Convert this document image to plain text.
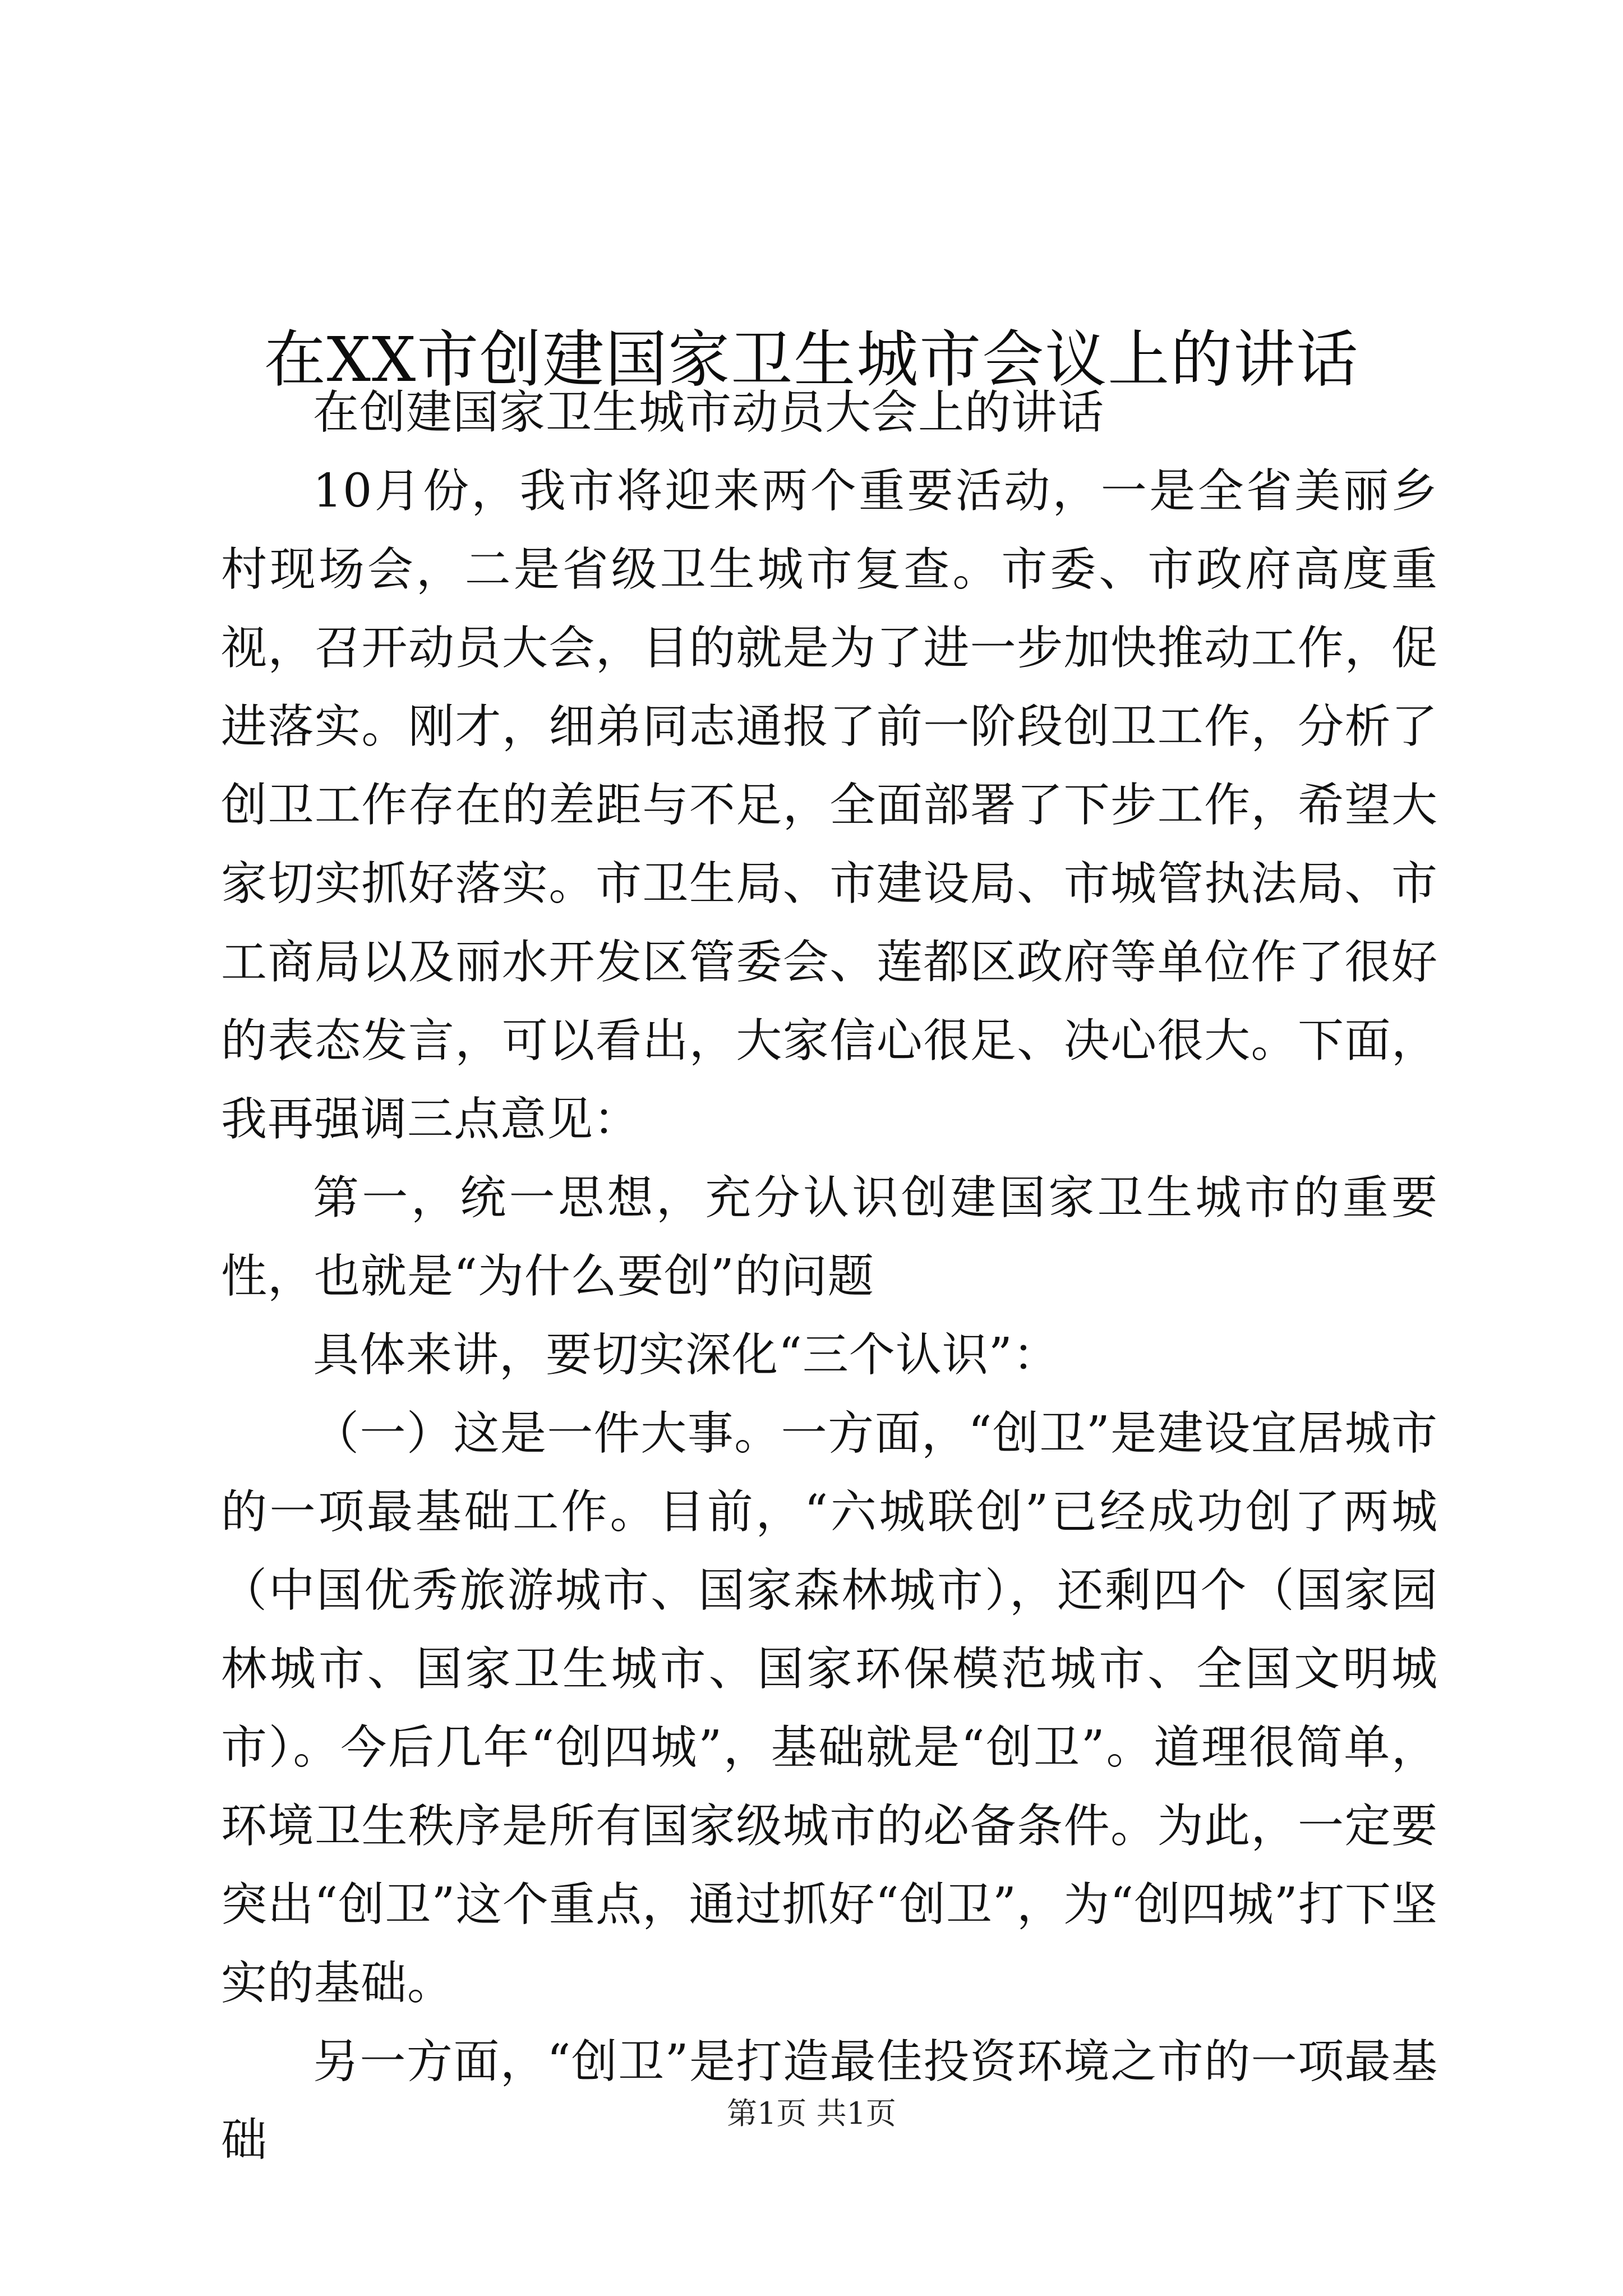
在XX市创建国家卫生城市会议上的讲话

在创建国家卫生城市动员大会上的讲话

10月份，我市将迎来两个重要活动，一是全省美丽乡村现场会，二是省级卫生城市复查。市委、市政府高度重视，召开动员大会，目的就是为了进一步加快推动工作，促进落实。刚才，细弟同志通报了前一阶段创卫工作，分析了创卫工作存在的差距与不足，全面部署了下步工作，希望大家切实抓好落实。市卫生局、市建设局、市城管执法局、市工商局以及丽水开发区管委会、莲都区政府等单位作了很好的表态发言，可以看出，大家信心很足、决心很大。下面，我再强调三点意见：

第一，统一思想，充分认识创建国家卫生城市的重要性，也就是“为什么要创”的问题

具体来讲，要切实深化“三个认识”：

（一）这是一件大事。一方面，“创卫”是建设宜居城市的一项最基础工作。目前，“六城联创”已经成功创了两城（中国优秀旅游城市、国家森林城市），还剩四个（国家园林城市、国家卫生城市、国家环保模范城市、全国文明城市）。今后几年“创四城”，基础就是“创卫”。道理很简单，环境卫生秩序是所有国家级城市的必备条件。为此，一定要突出“创卫”这个重点，通过抓好“创卫”，为“创四城”打下坚实的基础。

另一方面，“创卫”是打造最佳投资环境之市的一项最基础

第1页 共1页
